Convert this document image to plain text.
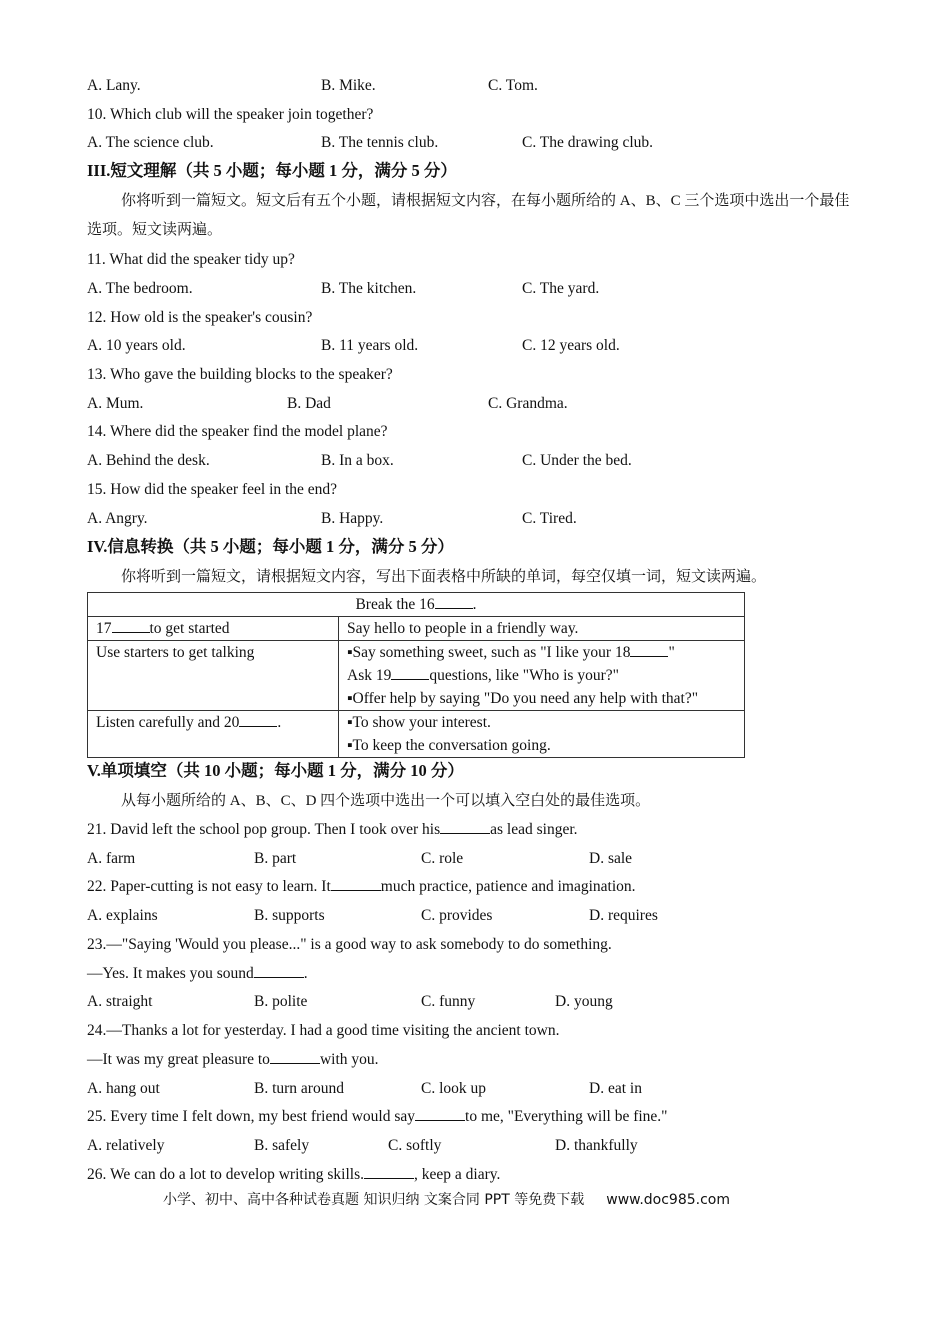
A. Lany.	B. Mike.	C. Tom.
10. Which club will the speaker join together?
A. The science club.	B. The tennis club.	C. The drawing club.
III.短文理解（共 5 小题；每小题 1 分，满分 5 分）
你将听到一篇短文。短文后有五个小题，请根据短文内容，在每小题所给的 A、B、C 三个选项中选出一个最佳选项。短文读两遍。
11. What did the speaker tidy up?
A. The bedroom.	B. The kitchen.	C. The yard.
12. How old is the speaker's cousin?
A. 10 years old.	B. 11 years old.	C. 12 years old.
13. Who gave the building blocks to the speaker?
A. Mum.	B. Dad	C. Grandma.
14. Where did the speaker find the model plane?
A. Behind the desk.	B. In a box.	C. Under the bed.
15. How did the speaker feel in the end?
A. Angry.	B. Happy.	C. Tired.
IV.信息转换（共 5 小题；每小题 1 分，满分 5 分）
你将听到一篇短文，请根据短文内容，写出下面表格中所缺的单词，每空仅填一词，短文读两遍。
Break the 16 .	
17 to get started	Say hello to people in a friendly way.
Use starters to get talking	▪Say something sweet, such as "I like your 18 "
Ask 19 questions, like "Who is your?"
▪Offer help by saying "Do you need any help with that?"

Listen carefully and 20 .	▪To show your interest.
▪To keep the conversation going.
V.单项填空（共 10 小题；每小题 1 分，满分 10 分）
从每小题所给的 A、B、C、D 四个选项中选出一个可以填入空白处的最佳选项。
21. David left the school pop group. Then I took over his	as lead singer.
A. farm	B. part	C. role	D. sale
22. Paper-cutting is not easy to learn. It	much practice, patience and imagination.
A. explains	B. supports	C. provides	D. requires
23.—"Saying 'Would you please..." is a good way to ask somebody to do something.
—Yes. It makes you sound	.
A. straight	B. polite	C. funny	D. young
24.—Thanks a lot for yesterday. I had a good time visiting the ancient town.
—It was my great pleasure to	with you.
A. hang out	B. turn around	C. look up	D. eat in
25. Every time I felt down, my best friend would say	to me, "Everything will be fine."
A. relatively	B. safely	C. softly	D. thankfully
26. We can do a lot to develop writing skills.	, keep a diary.
小学、初中、高中各种试卷真题 知识归纳 文案合同 PPT 等免费下载 www.doc985.com
